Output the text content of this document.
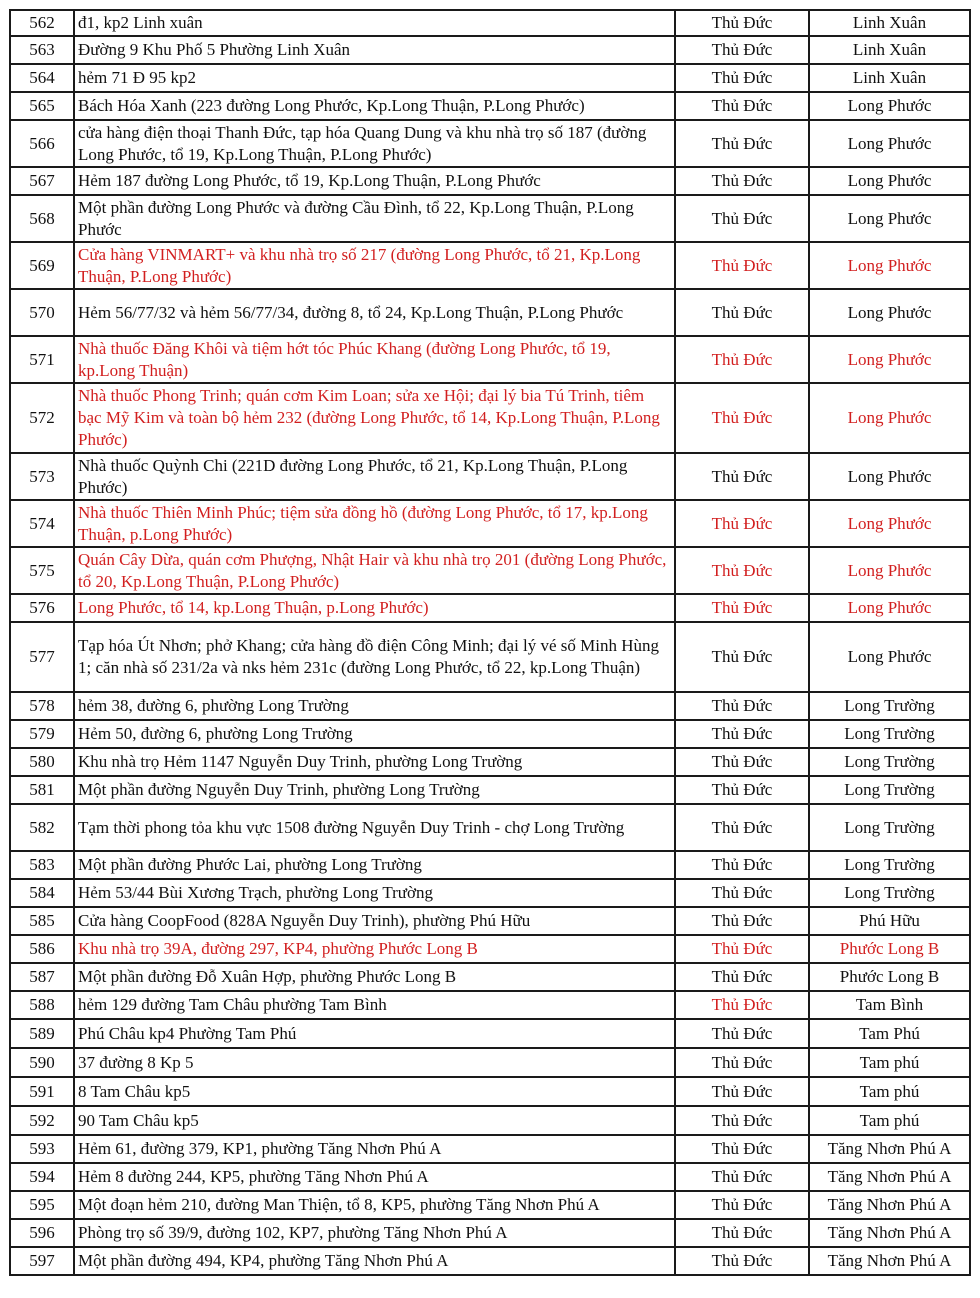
562	đ1, kp2 Linh xuân	Thủ Đức	Linh Xuân
563	Đường 9 Khu Phố 5 Phường Linh Xuân	Thủ Đức	Linh Xuân
564	hẻm 71 Đ 95 kp2	Thủ Đức	Linh Xuân
565	Bách Hóa Xanh (223 đường Long Phước, Kp.Long Thuận, P.Long Phước)	Thủ Đức	Long Phước
566	cửa hàng điện thoại Thanh Đức, tạp hóa Quang Dung và khu nhà trọ số 187 (đường Long Phước, tổ 19, Kp.Long Thuận, P.Long Phước)	Thủ Đức	Long Phước
567	Hẻm 187 đường Long Phước, tổ 19, Kp.Long Thuận, P.Long Phước	Thủ Đức	Long Phước
568	Một phần đường Long Phước và đường Cầu Đình, tổ 22, Kp.Long Thuận, P.Long Phước	Thủ Đức	Long Phước
569	Cửa hàng VINMART+ và khu nhà trọ số 217 (đường Long Phước, tổ 21, Kp.Long Thuận, P.Long Phước)	Thủ Đức	Long Phước
570	Hẻm 56/77/32 và hẻm 56/77/34, đường 8, tổ 24, Kp.Long Thuận, P.Long Phước	Thủ Đức	Long Phước
571	Nhà thuốc Đăng Khôi và tiệm hớt tóc Phúc Khang (đường Long Phước, tổ 19, kp.Long Thuận)	Thủ Đức	Long Phước
572	Nhà thuốc Phong Trinh; quán cơm Kim Loan; sửa xe Hội; đại lý bia Tú Trinh, tiêm bạc Mỹ Kim và toàn bộ hẻm 232 (đường Long Phước, tổ 14, Kp.Long Thuận, P.Long Phước)	Thủ Đức	Long Phước
573	Nhà thuốc Quỳnh Chi (221D đường Long Phước, tổ 21, Kp.Long Thuận, P.Long Phước)	Thủ Đức	Long Phước
574	Nhà thuốc Thiên Minh Phúc; tiệm sửa đồng hồ (đường Long Phước, tổ 17, kp.Long Thuận, p.Long Phước)	Thủ Đức	Long Phước
575	Quán Cây Dừa, quán cơm Phượng, Nhật Hair và khu nhà trọ 201 (đường Long Phước, tổ 20, Kp.Long Thuận, P.Long Phước)	Thủ Đức	Long Phước
576	Long Phước, tổ 14, kp.Long Thuận, p.Long Phước)	Thủ Đức	Long Phước
577	Tạp hóa Út Nhơn; phở Khang; cửa hàng đồ điện Công Minh; đại lý vé số Minh Hùng 1; căn nhà số 231/2a và nks hẻm 231c (đường Long Phước, tổ 22, kp.Long Thuận)	Thủ Đức	Long Phước
578	hẻm 38, đường 6, phường Long Trường	Thủ Đức	Long Trường
579	Hẻm 50, đường 6, phường Long Trường	Thủ Đức	Long Trường
580	Khu nhà trọ Hẻm 1147 Nguyễn Duy Trinh, phường Long Trường	Thủ Đức	Long Trường
581	Một phần đường Nguyễn Duy Trinh, phường Long Trường	Thủ Đức	Long Trường
582	Tạm thời phong tỏa khu vực 1508 đường Nguyễn Duy Trinh - chợ Long Trường	Thủ Đức	Long Trường
583	Một phần đường Phước Lai, phường Long Trường	Thủ Đức	Long Trường
584	Hẻm 53/44 Bùi Xương Trạch, phường Long Trường	Thủ Đức	Long Trường
585	Cửa hàng CoopFood (828A Nguyễn Duy Trinh), phường Phú Hữu	Thủ Đức	Phú Hữu
586	Khu nhà trọ 39A, đường 297, KP4, phường Phước Long B	Thủ Đức	Phước Long B
587	Một phần đường Đỗ Xuân Hợp, phường Phước Long B	Thủ Đức	Phước Long B
588	hẻm 129 đường Tam Châu phường Tam Bình	Thủ Đức	Tam Bình
589	Phú Châu kp4 Phường Tam Phú	Thủ Đức	Tam Phú
590	37 đường 8 Kp 5	Thủ Đức	Tam phú
591	8 Tam Châu kp5	Thủ Đức	Tam phú
592	90 Tam Châu kp5	Thủ Đức	Tam phú
593	Hẻm 61, đường 379, KP1, phường Tăng Nhơn Phú A	Thủ Đức	Tăng Nhơn Phú A
594	Hẻm 8 đường 244, KP5, phường Tăng Nhơn Phú A	Thủ Đức	Tăng Nhơn Phú A
595	Một đoạn hẻm 210, đường Man Thiện, tổ 8, KP5, phường Tăng Nhơn Phú A	Thủ Đức	Tăng Nhơn Phú A
596	Phòng trọ số 39/9, đường 102, KP7, phường Tăng Nhơn Phú A	Thủ Đức	Tăng Nhơn Phú A
597	Một phần đường 494, KP4, phường Tăng Nhơn Phú A	Thủ Đức	Tăng Nhơn Phú A
